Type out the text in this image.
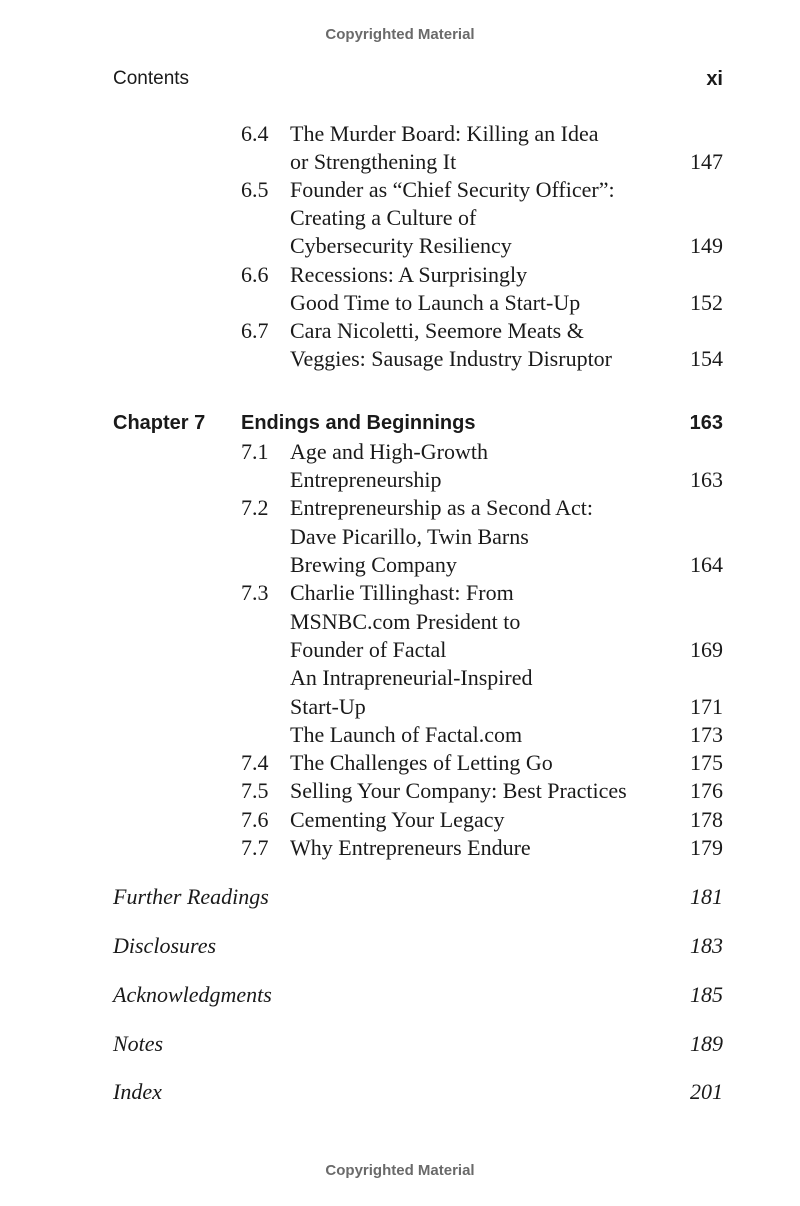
Copyrighted Material
Contents	xi
6.4 The Murder Board: Killing an Idea
or Strengthening It	147
6.5 Founder as “Chief Security Officer”:
Creating a Culture of
Cybersecurity Resiliency	149
6.6 Recessions: A Surprisingly
Good Time to Launch a Start-Up	152
6.7 Cara Nicoletti, Seemore Meats &
Veggies: Sausage Industry Disruptor	154
Chapter 7 Endings and Beginnings	163
7.1 Age and High-Growth
Entrepreneurship	163
7.2 Entrepreneurship as a Second Act:
Dave Picarillo, Twin Barns
Brewing Company	164
7.3 Charlie Tillinghast: From
MSNBC.com President to
Founder of Factal	169
An Intrapreneurial-Inspired
Start-Up	171
The Launch of Factal.com	173
7.4 The Challenges of Letting Go	175
7.5 Selling Your Company: Best Practices	176
7.6 Cementing Your Legacy	178
7.7 Why Entrepreneurs Endure	179
Further Readings	181
Disclosures	183
Acknowledgments	185
Notes	189
Index	201
Copyrighted Material
